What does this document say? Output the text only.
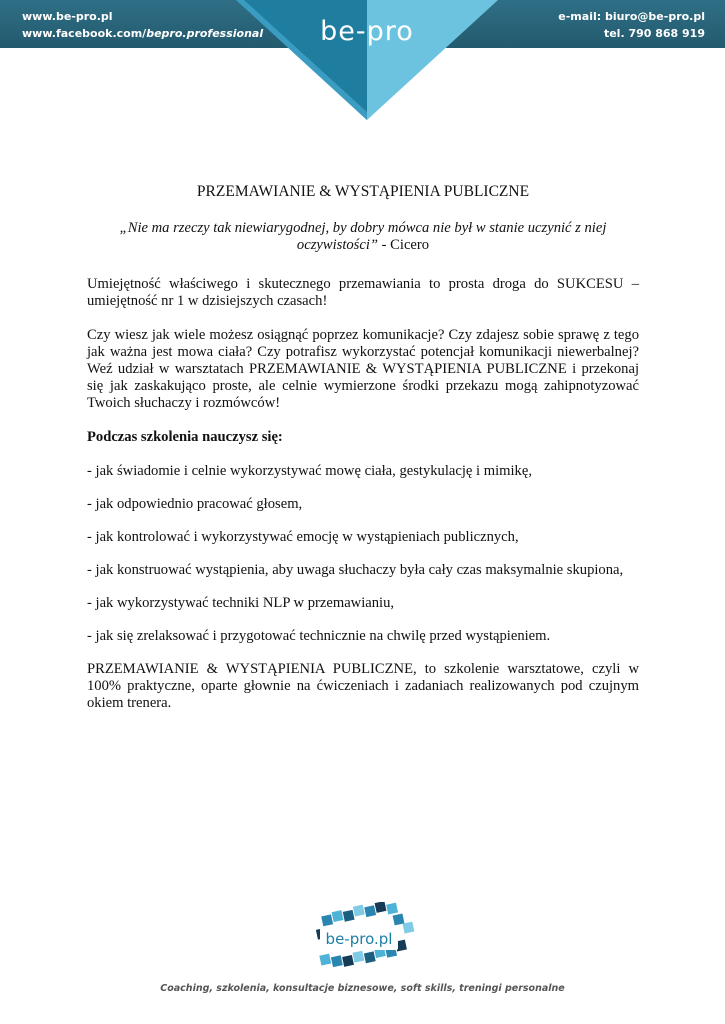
www.be-pro.pl
www.facebook.com/bepro.professional
e-mail: biuro@be-pro.pl
tel. 790 868 919
be-pro
PRZEMAWIANIE & WYSTĄPIENIA PUBLICZNE
„Nie ma rzeczy tak niewiarygodnej, by dobry mówca nie był w stanie uczynić z niej oczywistości” - Cicero

Umiejętność właściwego i skutecznego przemawiania to prosta droga do SUKCESU – umiejętność nr 1 w dzisiejszych czasach!

Czy wiesz jak wiele możesz osiągnąć poprzez komunikacje? Czy zdajesz sobie sprawę z tego jak ważna jest mowa ciała? Czy potrafisz wykorzystać potencjał komunikacji niewerbalnej? Weź udział w warsztatach PRZEMAWIANIE & WYSTĄPIENIA PUBLICZNE i przekonaj się jak zaskakująco proste, ale celnie wymierzone środki przekazu mogą zahipnotyzować Twoich słuchaczy i rozmówców!

Podczas szkolenia nauczysz się:

- jak świadomie i celnie wykorzystywać mowę ciała, gestykulację i mimikę,

- jak odpowiednio pracować głosem,

- jak kontrolować i wykorzystywać emocję w wystąpieniach publicznych,

- jak konstruować wystąpienia, aby uwaga słuchaczy była cały czas maksymalnie skupiona,

- jak wykorzystywać techniki NLP w przemawianiu,

- jak się zrelaksować i przygotować technicznie na chwilę przed wystąpieniem.

PRZEMAWIANIE & WYSTĄPIENIA PUBLICZNE, to szkolenie warsztatowe, czyli w 100% praktyczne, oparte głownie na ćwiczeniach i zadaniach realizowanych pod czujnym okiem trenera.

be-pro.pl
Coaching, szkolenia, konsultacje biznesowe, soft skills, treningi personalne
